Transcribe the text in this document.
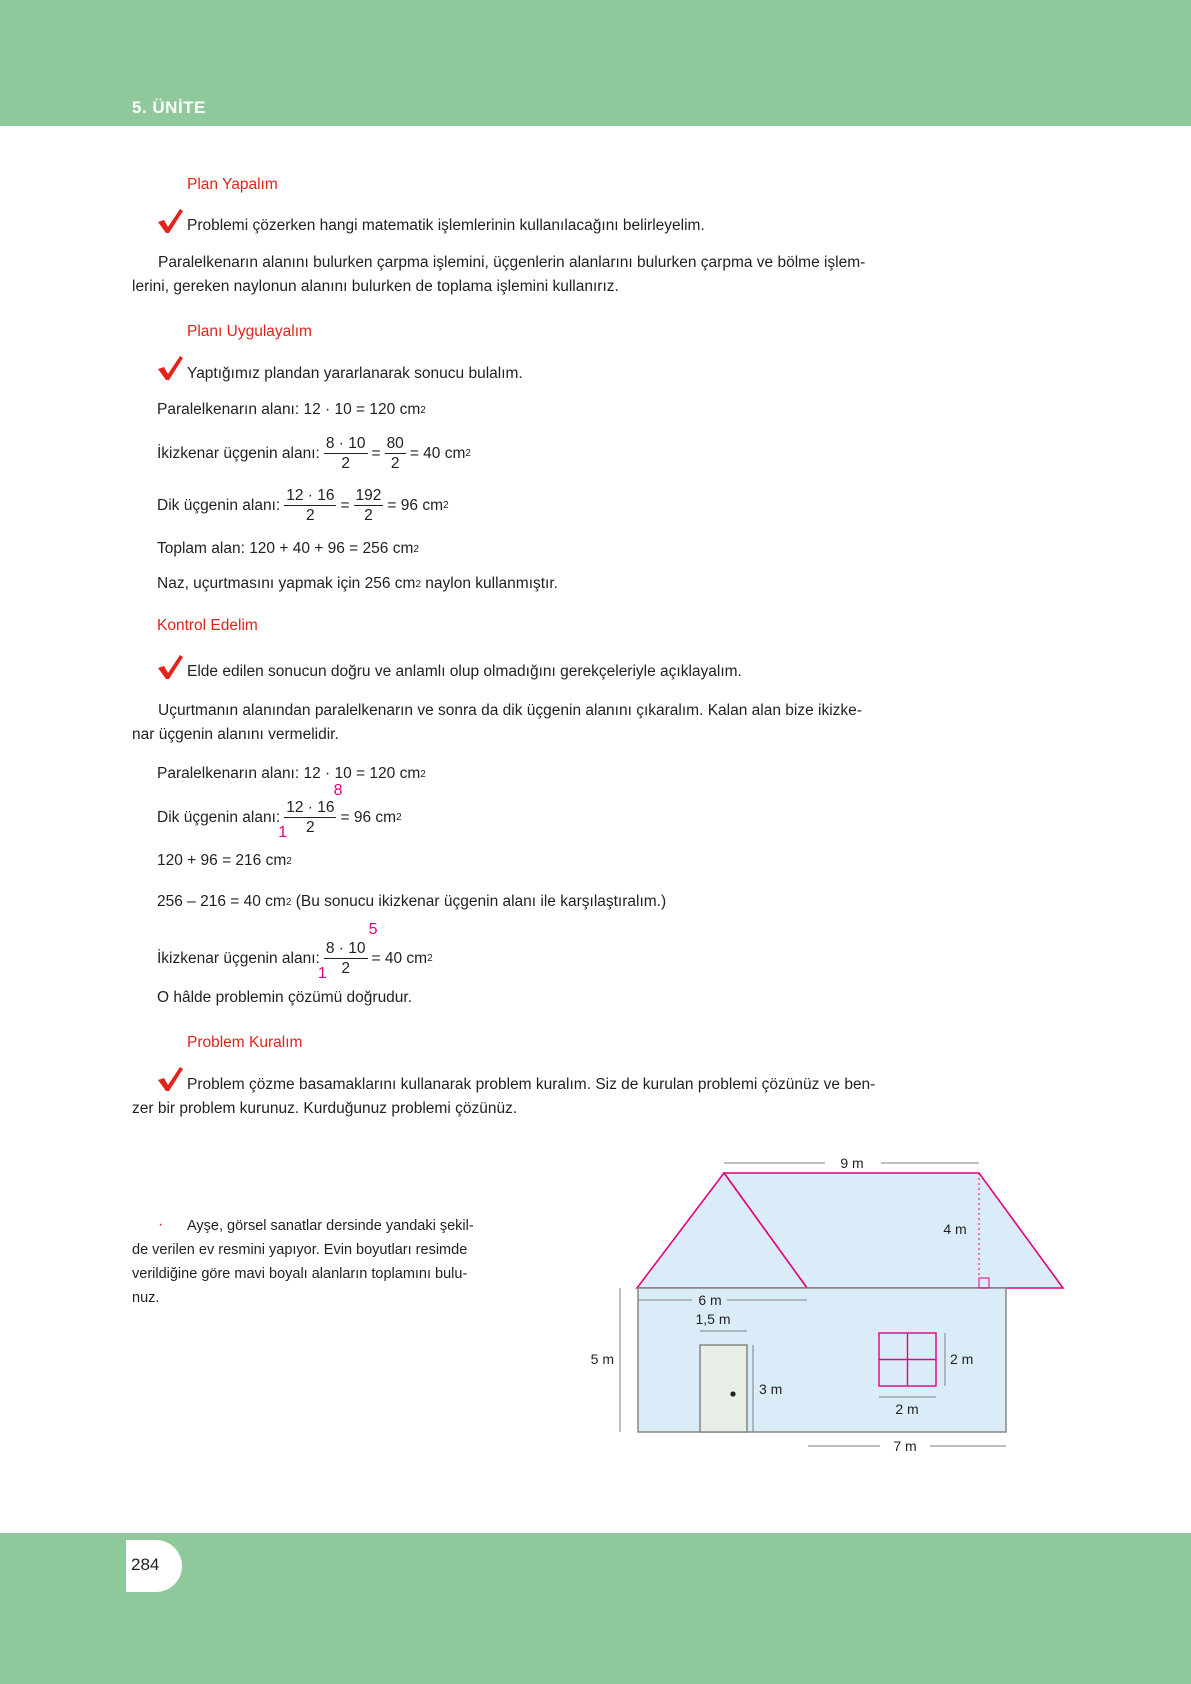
5. ÜNİTE
284
Plan Yapalım
Problemi çözerken hangi matematik işlemlerinin kullanılacağını belirleyelim.
Paralelkenarın alanını bulurken çarpma işlemini, üçgenlerin alanlarını bulurken çarpma ve bölme işlem-
lerini, gereken naylonun alanını bulurken de toplama işlemini kullanırız.
Planı Uygulayalım
Yaptığımız plandan yararlanarak sonucu bulalım.
Paralelkenarın alanı: 12 · 10 = 120 cm 2
İkizkenar üçgenin alanı: $\frac{8 \cdot 10}{2} = \frac{80}{2} = 40$ cm 2
Dik üçgenin alanı: $\frac{12 \cdot 16}{2} = \frac{192}{2} = 96$ cm 2
Toplam alan: 120 + 40 + 96 = 256 cm 2
Naz, uçurtmasını yapmak için 256 cm 2 naylon kullanmıştır.
Kontrol Edelim
Elde edilen sonucun doğru ve anlamlı olup olmadığını gerekçeleriyle açıklayalım.
Uçurtmanın alanından paralelkenarın ve sonra da dik üçgenin alanını çıkaralım. Kalan alan bize ikizke-
nar üçgenin alanını vermelidir.
Paralelkenarın alanı: 12 · 10 = 120 cm 2
Dik üçgenin alanı:
12 · 16
2
8
1
= 96 cm 2
120 + 96 = 216 cm 2
256 – 216 = 40 cm 2 (Bu sonucu ikizkenar üçgenin alanı ile karşılaştıralım.)
İkizkenar üçgenin alanı:
8 · 10
2
5
1
= 40 cm 2
O hâlde problemin çözümü doğrudur.
Problem Kuralım
Problem çözme basamaklarını kullanarak problem kuralım. Siz de kurulan problemi çözünüz ve ben-
zer bir problem kurunuz. Kurduğunuz problemi çözünüz.
· Ayşe, görsel sanatlar dersinde yandaki şekil-
de verilen ev resmini yapıyor. Evin boyutları resimde
verildiğine göre mavi boyalı alanların toplamını bulu-
nuz.
9 m
4 m
6 m
1,5 m
5 m
3 m
2 m
2 m
7 m
